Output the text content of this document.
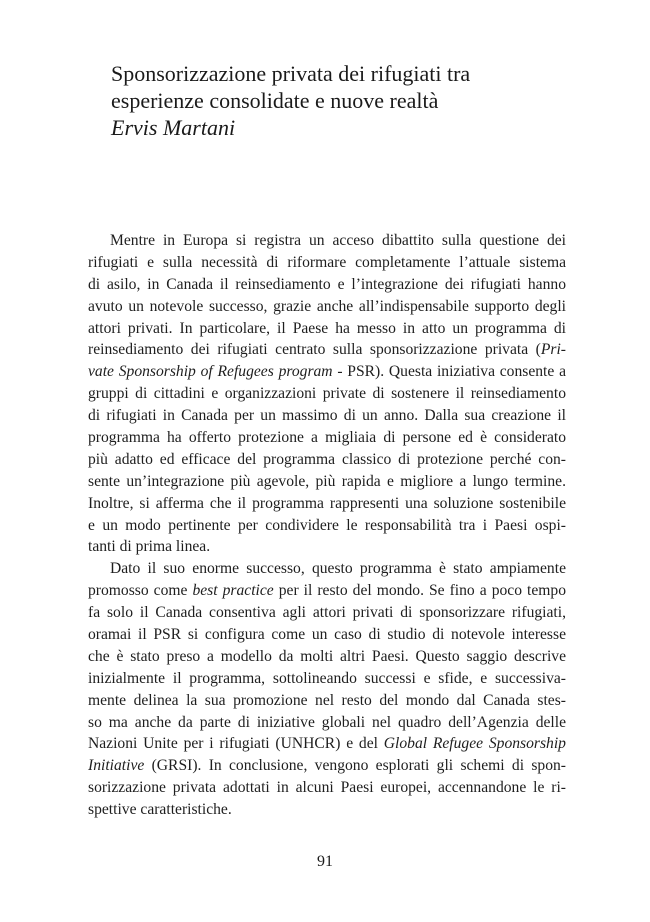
Sponsorizzazione privata dei rifugiati tra
esperienze consolidate e nuove realtà
Ervis Martani
Mentre in Europa si registra un acceso dibattito sulla questione dei
rifugiati e sulla necessità di riformare completamente l’attuale sistema
di asilo, in Canada il reinsediamento e l’integrazione dei rifugiati hanno
avuto un notevole successo, grazie anche all’indispensabile supporto degli
attori privati. In particolare, il Paese ha messo in atto un programma di
reinsediamento dei rifugiati centrato sulla sponsorizzazione privata (Pri-
vate Sponsorship of Refugees program - PSR). Questa iniziativa consente a
gruppi di cittadini e organizzazioni private di sostenere il reinsediamento
di rifugiati in Canada per un massimo di un anno. Dalla sua creazione il
programma ha offerto protezione a migliaia di persone ed è considerato
più adatto ed efficace del programma classico di protezione perché con-
sente un’integrazione più agevole, più rapida e migliore a lungo termine.
Inoltre, si afferma che il programma rappresenti una soluzione sostenibile
e un modo pertinente per condividere le responsabilità tra i Paesi ospi-
tanti di prima linea.
Dato il suo enorme successo, questo programma è stato ampiamente
promosso come best practice per il resto del mondo. Se fino a poco tempo
fa solo il Canada consentiva agli attori privati di sponsorizzare rifugiati,
oramai il PSR si configura come un caso di studio di notevole interesse
che è stato preso a modello da molti altri Paesi. Questo saggio descrive
inizialmente il programma, sottolineando successi e sfide, e successiva-
mente delinea la sua promozione nel resto del mondo dal Canada stes-
so ma anche da parte di iniziative globali nel quadro dell’Agenzia delle
Nazioni Unite per i rifugiati (UNHCR) e del Global Refugee Sponsorship
Initiative (GRSI). In conclusione, vengono esplorati gli schemi di spon-
sorizzazione privata adottati in alcuni Paesi europei, accennandone le ri-
spettive caratteristiche.
91
